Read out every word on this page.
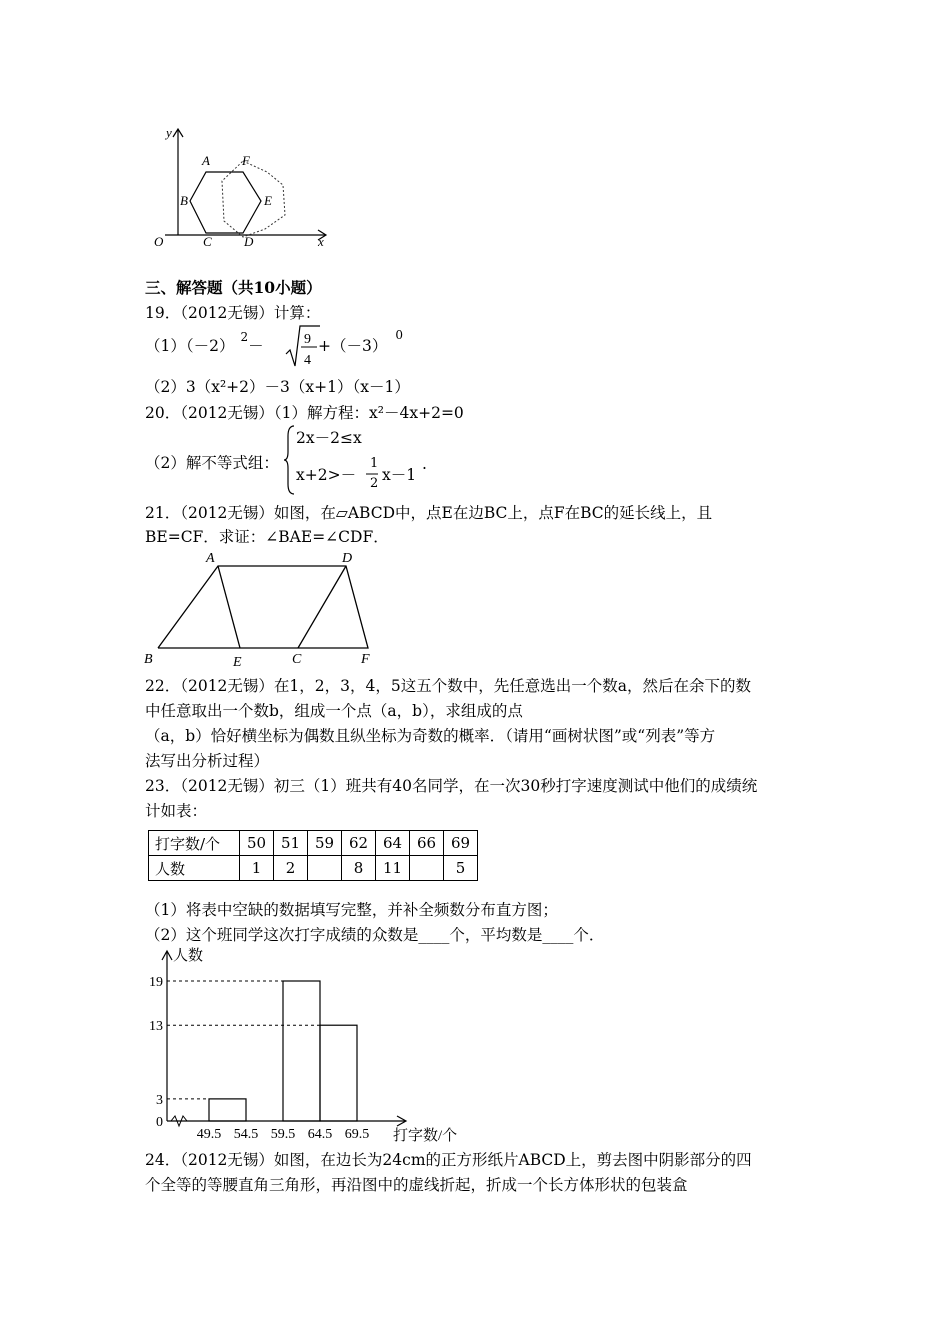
y
x
O
A
B
C D
E
F
三、解答题（共10小题）
19．（2012无锡）计算：
$(1)(-2)^2-$	9
4
$+(-3)^0$
（2）3（x²+2）－3（x+1）（x－1）
20．（2012无锡）（1）解方程：x²－4x+2=0
（2）解不等式组：
2x－2≤x
x+2>－
1
2 x－1
.
21．（2012无锡）如图，在▱ABCD中，点E在边BC上，点F在BC的延长线上，且
BE=CF．求证：∠BAE=∠CDF．
A	D
B	E	C	F
22．（2012无锡）在1，2，3，4，5这五个数中，先任意选出一个数a，然后在余下的数
中任意取出一个数b，组成一个点（a，b），求组成的点
（a，b）恰好横坐标为偶数且纵坐标为奇数的概率．（请用“画树状图”或“列表”等方
法写出分析过程）
23．（2012无锡）初三（1）班共有40名同学，在一次30秒打字速度测试中他们的成绩统
计如表：
打字数/个	50	51	59	62	64	66	69
人数	1	2		8	11		5
（1）将表中空缺的数据填写完整，并补全频数分布直方图；
（2）这个班同学这次打字成绩的众数是____个，平均数是____个．
人数
打字数/个
19
13
3
0
49.5 54.5 59.5 64.5 69.5
24．（2012无锡）如图，在边长为24cm的正方形纸片ABCD上，剪去图中阴影部分的四
个全等的等腰直角三角形，再沿图中的虚线折起，折成一个长方体形状的包装盒
